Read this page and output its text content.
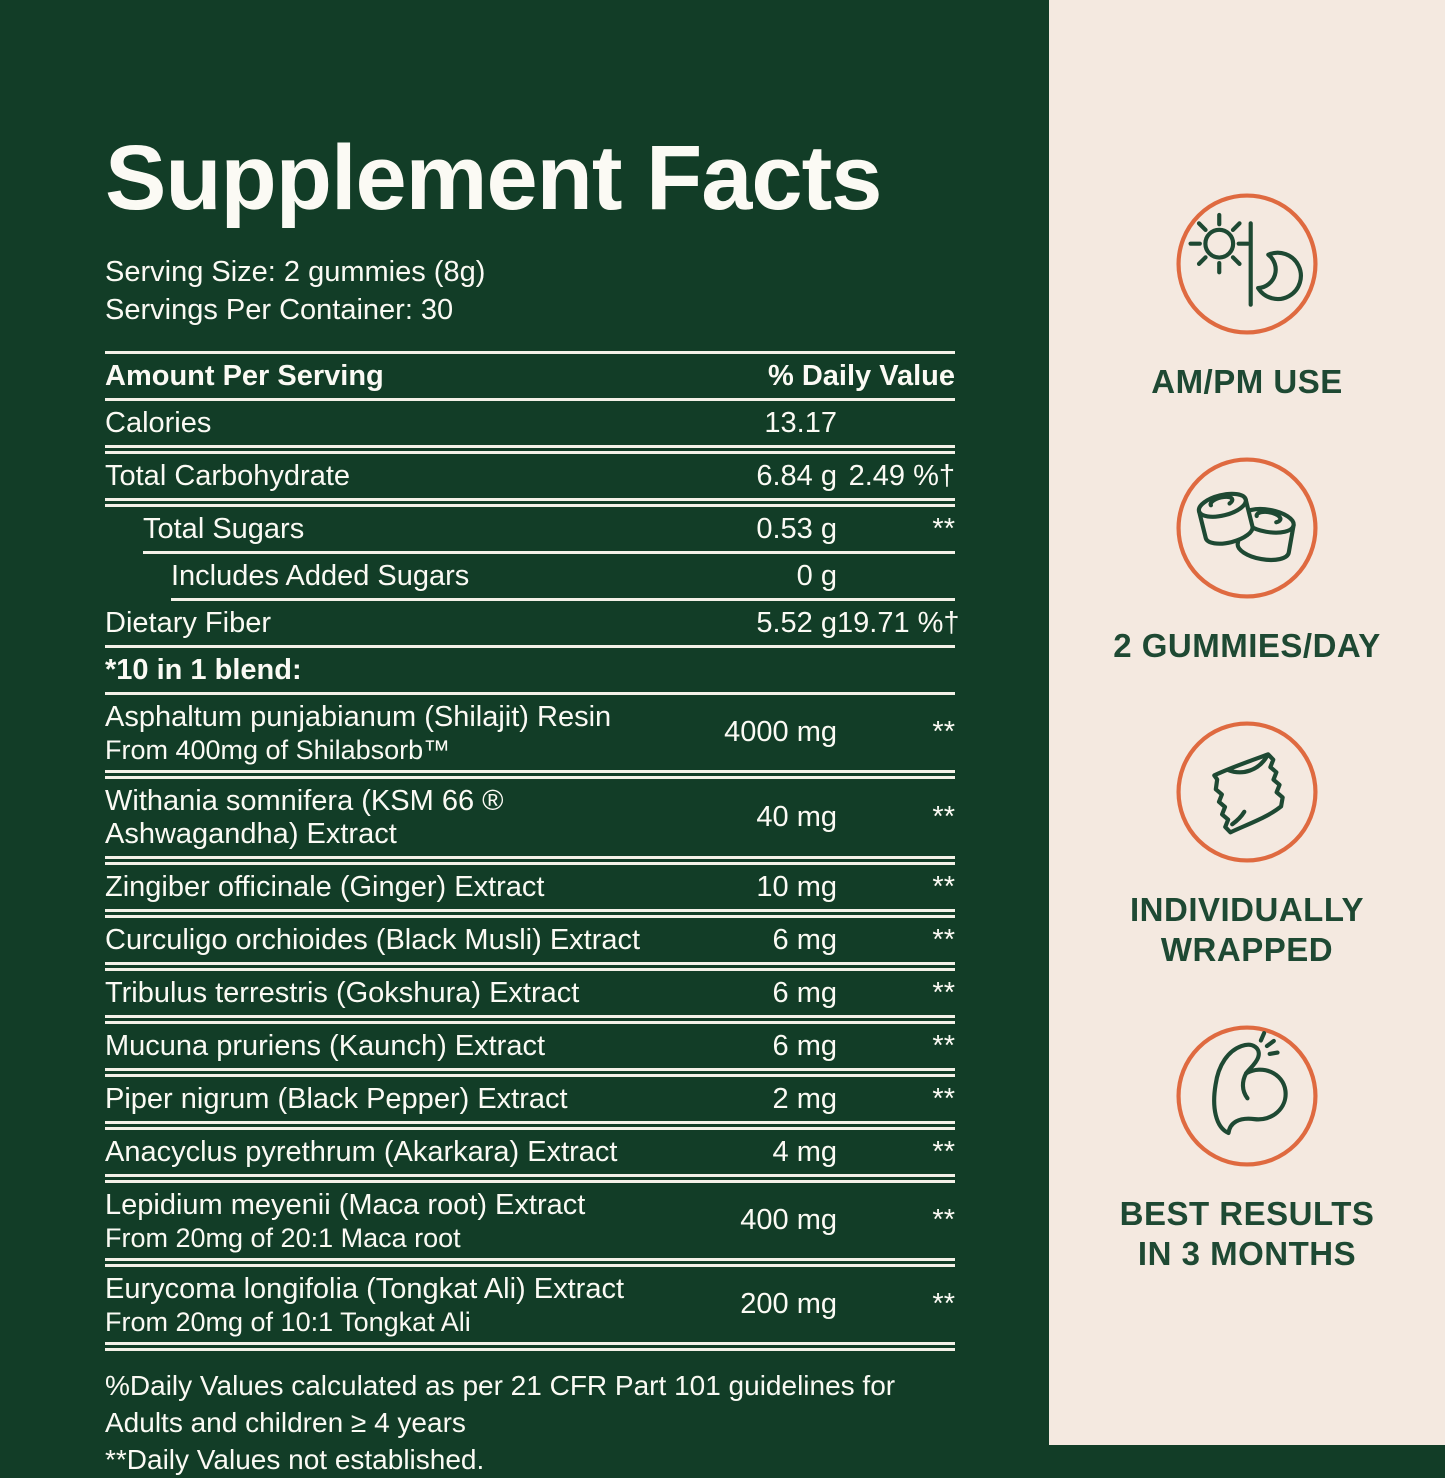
Supplement Facts
Serving Size: 2 gummies (8g)
Servings Per Container: 30
Amount Per Serving	% Daily Value
Calories	13.17
Total Carbohydrate	6.84 g 2.49 %†
Total Sugars	0.53 g	**
Includes Added Sugars	0 g
Dietary Fiber	5.52 g 19.71 %†
*10 in 1 blend:
Asphaltum punjabianum (Shilajit) Resin
From 400mg of Shilabsorb™
4000 mg	**
Withania somnifera (KSM 66 ® Ashwagandha) Extract
40 mg	**
Zingiber officinale (Ginger) Extract	10 mg	**
Curculigo orchioides (Black Musli) Extract	6 mg	**
Tribulus terrestris (Gokshura) Extract	6 mg	**
Mucuna pruriens (Kaunch) Extract	6 mg	**
Piper nigrum (Black Pepper) Extract	2 mg	**
Anacyclus pyrethrum (Akarkara) Extract	4 mg	**
Lepidium meyenii (Maca root) Extract
From 20mg of 20:1 Maca root
400 mg	**
Eurycoma longifolia (Tongkat Ali) Extract
From 20mg of 10:1 Tongkat Ali
200 mg	**
%Daily Values calculated as per 21 CFR Part 101 guidelines for
Adults and children ≥ 4 years
**Daily Values not established.
AM/PM USE
2 GUMMIES/DAY
INDIVIDUALLY
WRAPPED
BEST RESULTS
IN 3 MONTHS
